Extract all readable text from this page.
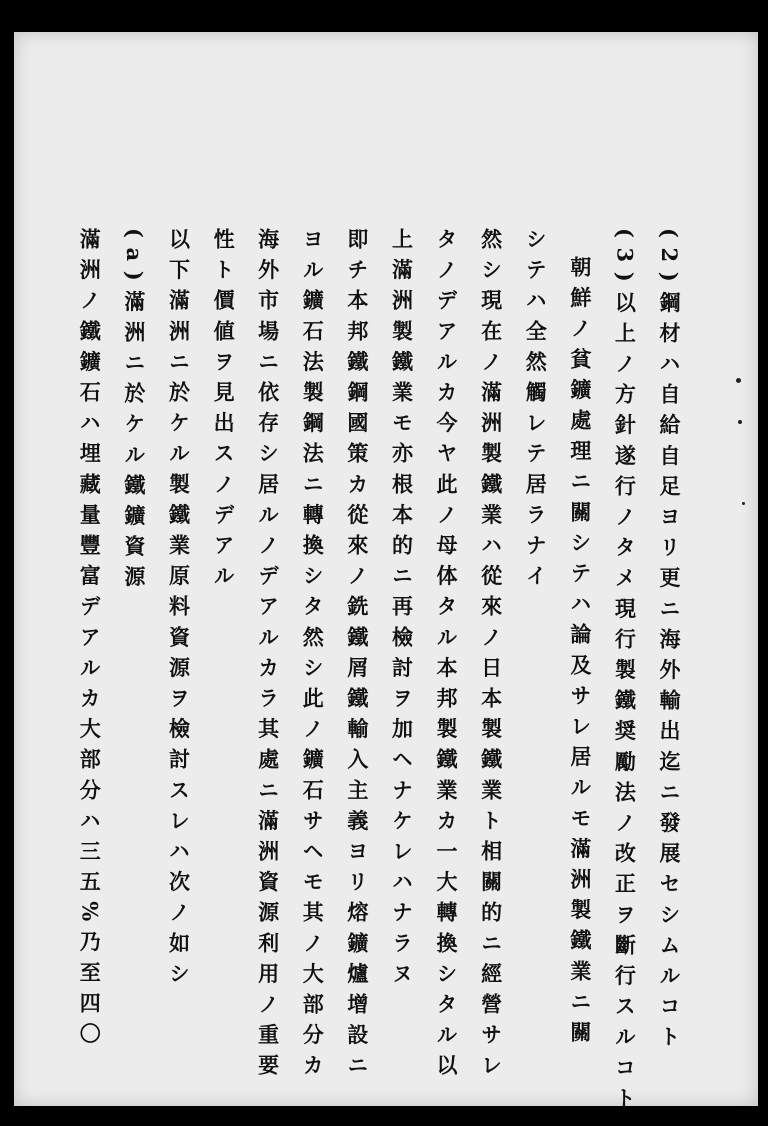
(2)鋼材ハ自給自足ヨリ更ニ海外輸出迄ニ發展セシムルコト
(3)以上ノ方針遂行ノタメ現行製鐵奨勵法ノ改正ヲ斷行スルコト
朝鮮ノ貧鑛處理ニ關シテハ論及サレ居ルモ滿洲製鐵業ニ關
シテハ全然觸レテ居ラナイ
然シ現在ノ滿洲製鐵業ハ從來ノ日本製鐵業ト相關的ニ經營サレ
タノデアルカ今ヤ此ノ母体タル本邦製鐵業カ一大轉換シタル以
上滿洲製鐵業モ亦根本的ニ再檢討ヲ加ヘナケレハナラヌ
即チ本邦鐵鋼國策カ從來ノ銑鐵屑鐵輸入主義ヨリ熔鑛爐增設ニ
ヨル鑛石法製鋼法ニ轉換シタ然シ此ノ鑛石サヘモ其ノ大部分カ
海外市場ニ依存シ居ルノデアルカラ其處ニ滿洲資源利用ノ重要
性ト價値ヲ見出スノデアル
以下滿洲ニ於ケル製鐵業原料資源ヲ檢討スレハ次ノ如シ
(a)滿洲ニ於ケル鐵鑛資源
滿洲ノ鐵鑛石ハ埋藏量豐富デアルカ大部分ハ三五%乃至四〇
